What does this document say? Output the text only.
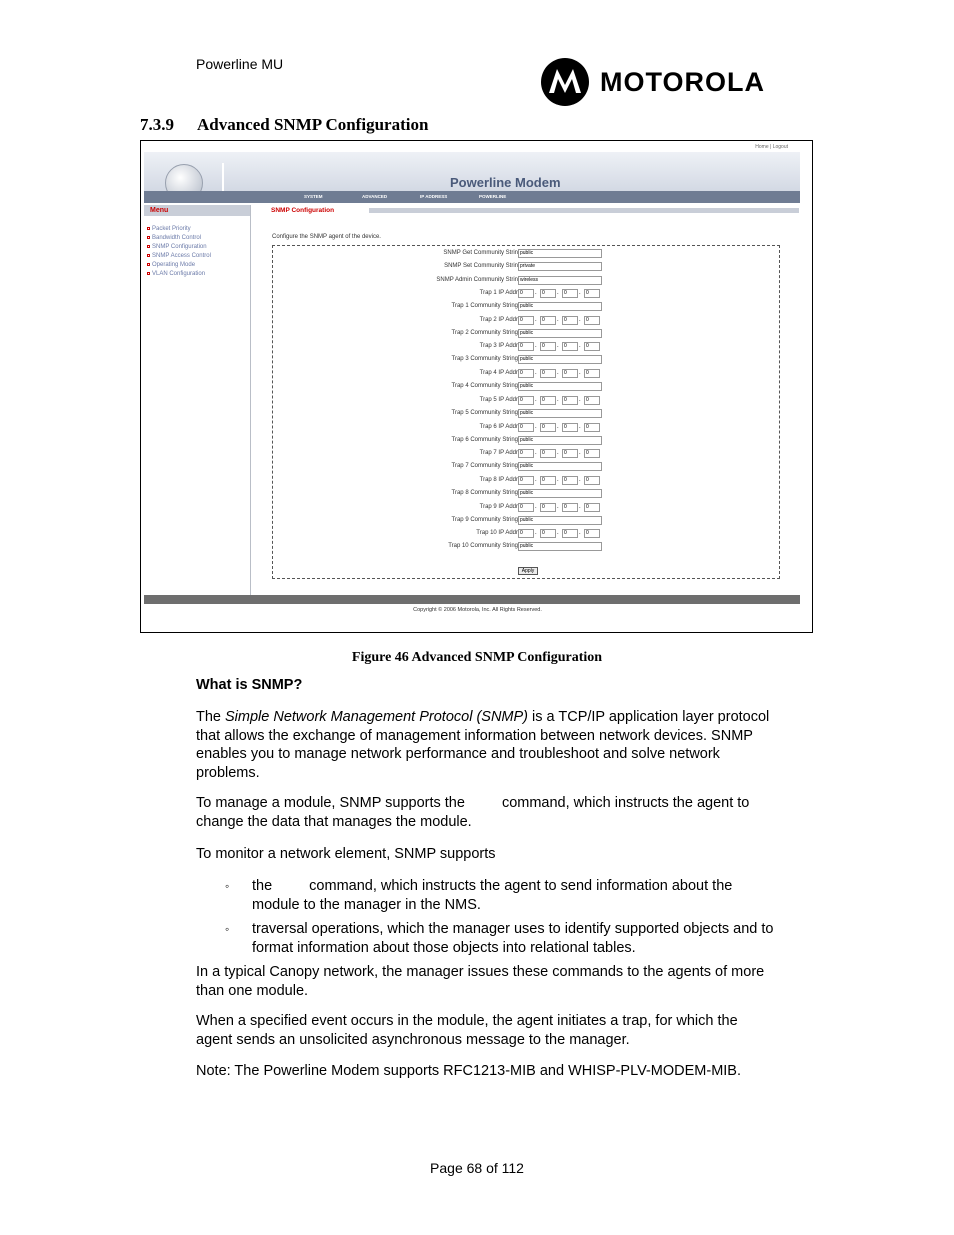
Powerline MU
MOTOROLA
7.3.9 Advanced SNMP Configuration
Home | Logout
Powerline Modem
SYSTEM	ADVANCED	IP ADDRESS	POWERLINE
Menu
Packet Priority
Bandwidth Control
SNMP Configuration
SNMP Access Control
Operating Mode
VLAN Configuration
SNMP Configuration
Configure the SNMP agent of the device.
SNMP Get Community Strin public
SNMP Set Community Strin private
SNMP Admin Community Strin wireless
Trap 1 IP Addr 0	.	0	.	0	.	0
Trap 1 Community String public
Trap 2 IP Addr 0	.	0	.	0	.	0
Trap 2 Community String public
Trap 3 IP Addr 0	.	0	.	0	.	0
Trap 3 Community String public
Trap 4 IP Addr 0	.	0	.	0	.	0
Trap 4 Community String public
Trap 5 IP Addr 0	.	0	.	0	.	0
Trap 5 Community String public
Trap 6 IP Addr 0	.	0	.	0	.	0
Trap 6 Community String public
Trap 7 IP Addr 0	.	0	.	0	.	0
Trap 7 Community String public
Trap 8 IP Addr 0	.	0	.	0	.	0
Trap 8 Community String public
Trap 9 IP Addr 0	.	0	.	0	.	0
Trap 9 Community String public
Trap 10 IP Addr 0	.	0	.	0	.	0
Trap 10 Community String public
Apply
Copyright © 2006 Motorola, Inc. All Rights Reserved.
Figure 46 Advanced SNMP Configuration
What is SNMP?
The Simple Network Management Protocol (SNMP) is a TCP/IP application layer protocol
that allows the exchange of management information between network devices. SNMP
enables you to manage network performance and troubleshoot and solve network
problems.
To manage a module, SNMP supports the	command, which instructs the agent to
change the data that manages the module.
To monitor a network element, SNMP supports
◦ the	command, which instructs the agent to send information about the
module to the manager in the NMS.
◦ traversal operations, which the manager uses to identify supported objects and to
format information about those objects into relational tables.
In a typical Canopy network, the manager issues these commands to the agents of more
than one module.
When a specified event occurs in the module, the agent initiates a trap, for which the
agent sends an unsolicited asynchronous message to the manager.
Note: The Powerline Modem supports RFC1213-MIB and WHISP-PLV-MODEM-MIB.
Page 68 of 112
